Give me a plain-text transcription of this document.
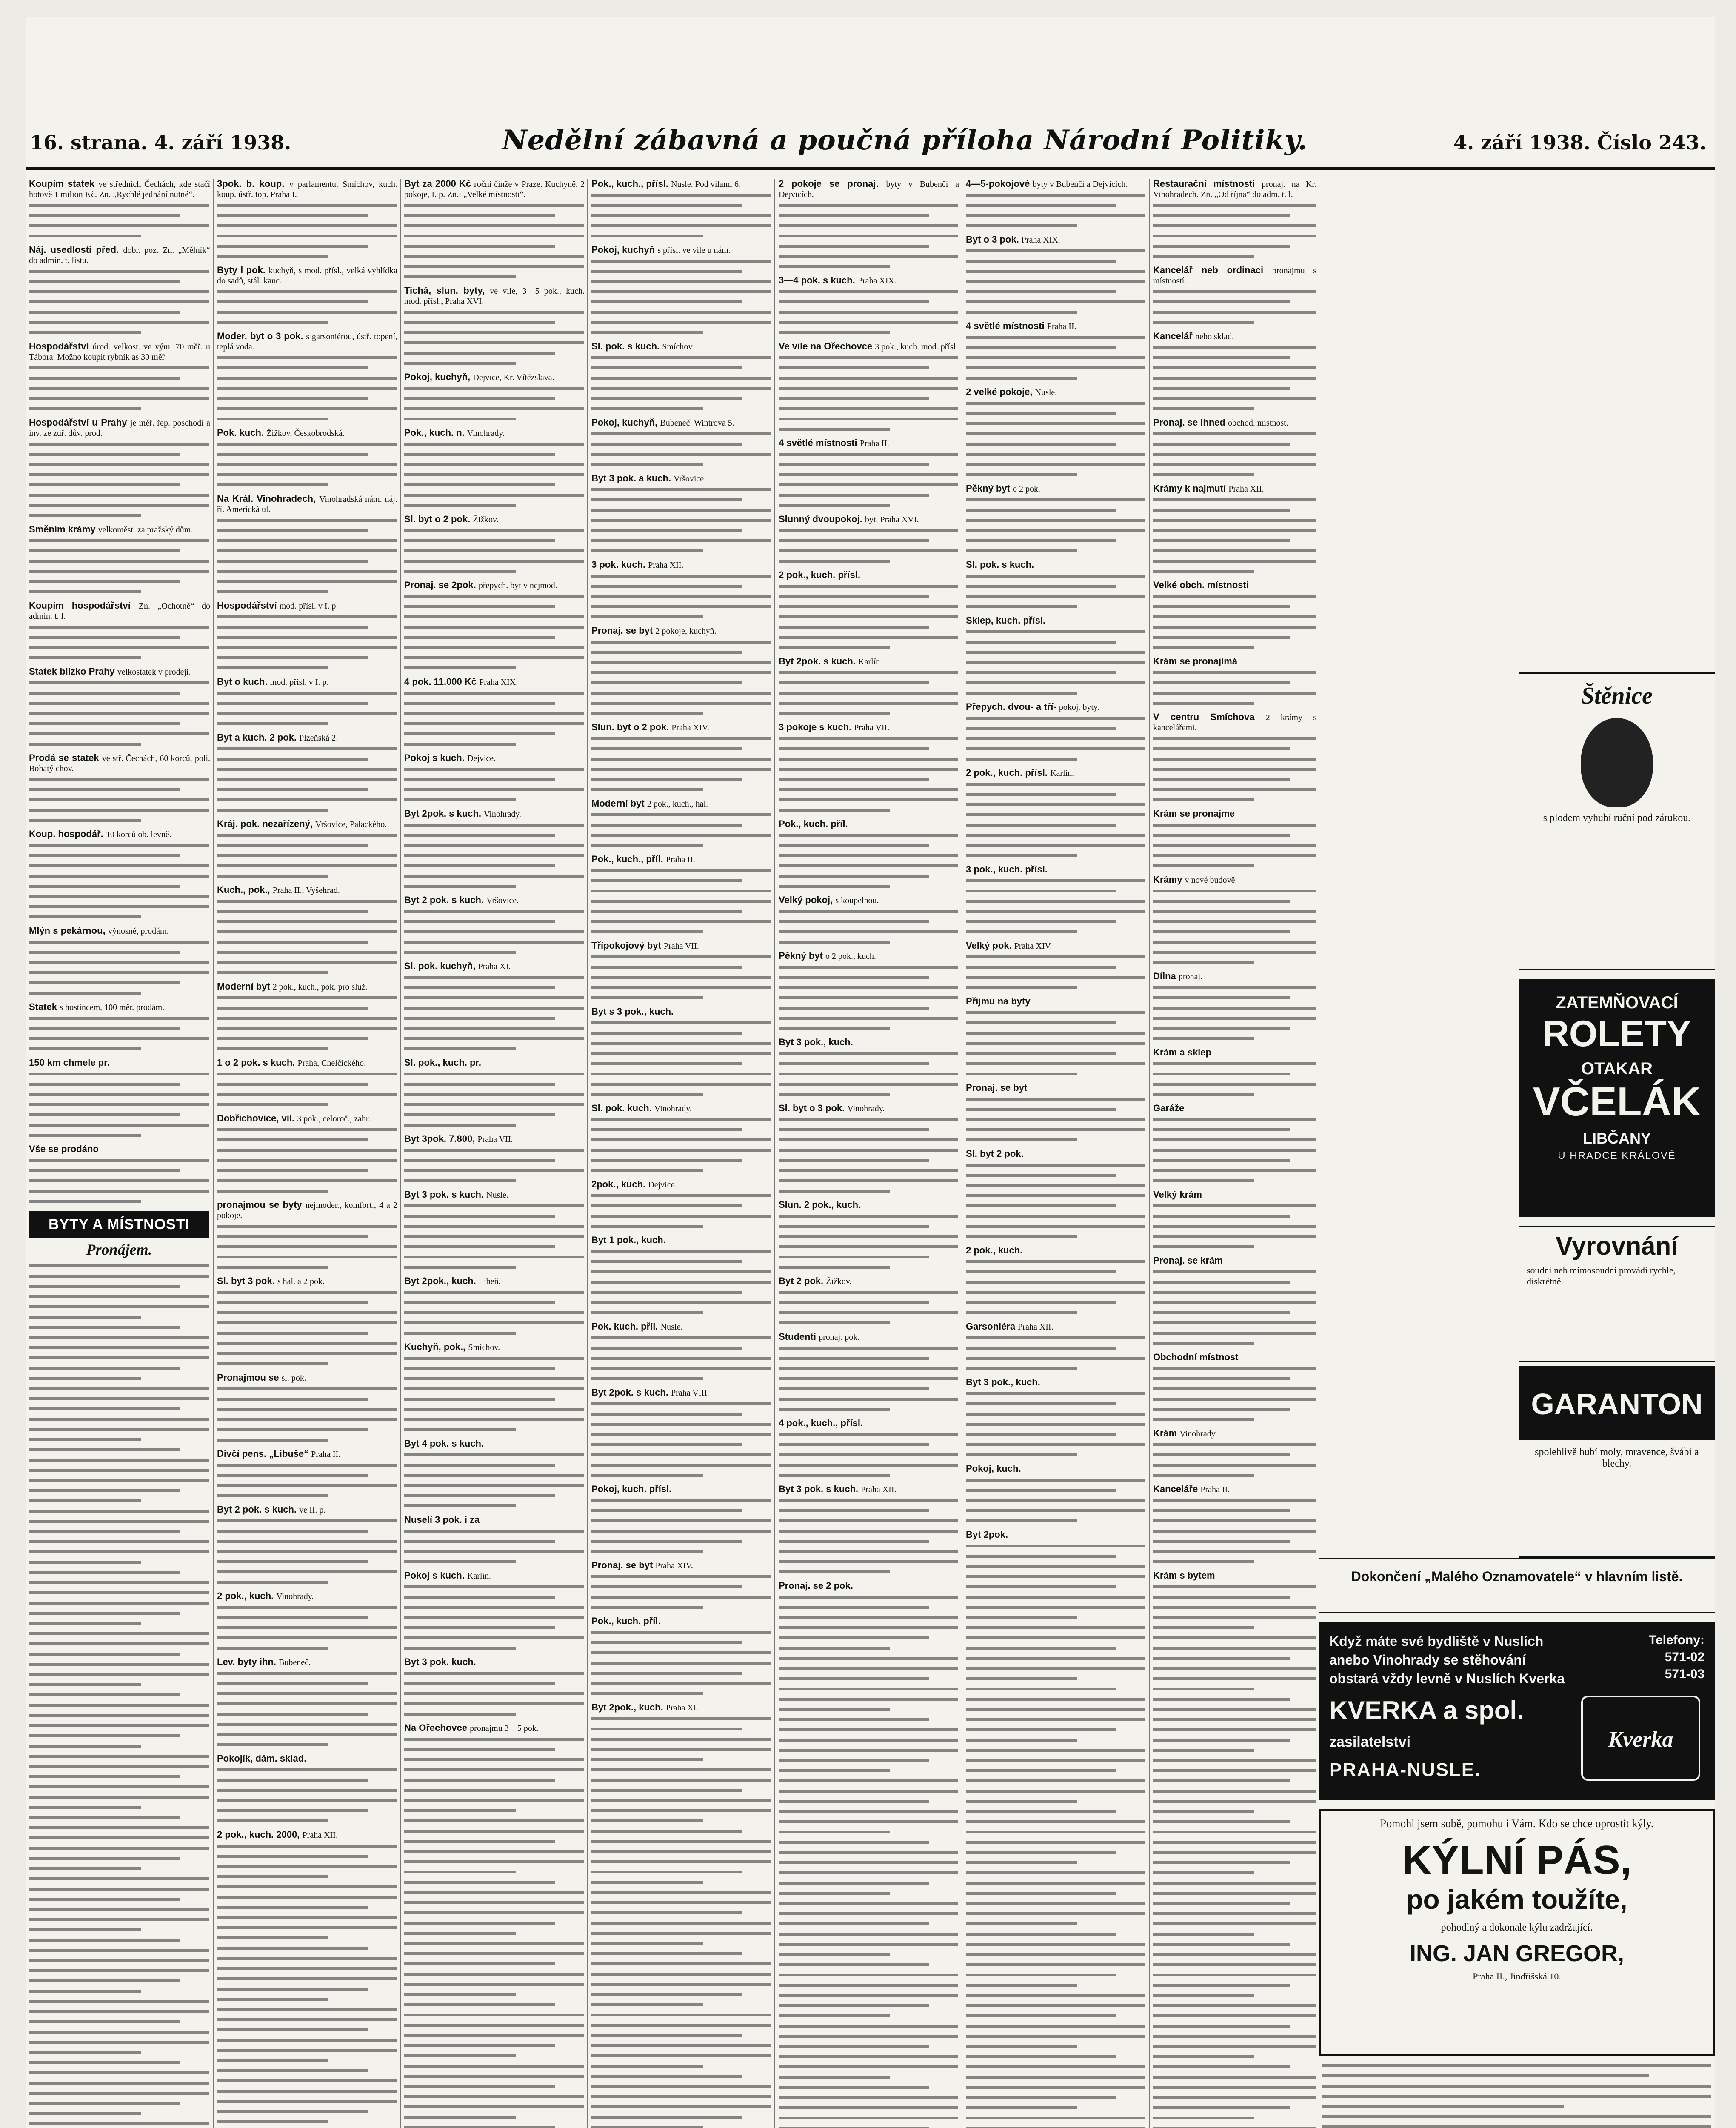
16. strana. 4. září 1938.	Nedělní zábavná a poučná příloha Národní Politiky.	4. září 1938. Číslo 243.
Koupím statek ve středních Čechách, kde stačí hotově 1 milion Kč. Zn. „Rychlé jednání nutné“.
Náj. usedlosti před. dobr. poz. Zn. „Mělník“ do admin. t. listu.
Hospodářství úrod. velkost. ve vým. 70 měř. u Tábora. Možno koupit rybník as 30 měř.
Hospodářství u Prahy je měř. řep. poschodí a inv. ze zuř. dův. prod.
Směním krámy velkoměst. za pražský dům.
Koupím hospodářství Zn. „Ochotně“ do admin. t. l.
Statek blízko Prahy velkostatek v prodeji.
Prodá se statek ve stř. Čechách, 60 korců, poli. Bohatý chov.
Koup. hospodář. 10 korců ob. levně.
Mlýn s pekárnou, výnosné, prodám.
Statek s hostincem, 100 měr. prodám.
150 km chmele pr.
Vše se prodáno
BYTY A MÍSTNOSTI
Pronájem.
3pok. b. koup. v parlamentu, Smíchov, kuch. koup. ústř. top. Praha I.
Byty l pok. kuchyň, s mod. přísl., velká vyhlídka do sadů, stál. kanc.
Moder. byt o 3 pok. s garsoniérou, ústř. topení, teplá voda.
Pok. kuch. Žižkov, Českobrodská.
Na Král. Vinohradech, Vinohradská nám. náj. ří. Americká ul.
Hospodářství mod. přísl. v I. p.
Byt o kuch. mod. přísl. v I. p.
Byt a kuch. 2 pok. Plzeňská 2.
Kráj. pok. nezařízený, Vršovice, Palackého.
Kuch., pok., Praha II., Vyšehrad.
Moderní byt 2 pok., kuch., pok. pro služ.
1 o 2 pok. s kuch. Praha, Chelčického.
Dobřichovice, vil. 3 pok., celoroč., zahr.
pronajmou se byty nejmoder., komfort., 4 a 2 pokoje.
Sl. byt 3 pok. s hal. a 2 pok.
Pronajmou se sl. pok.
Divčí pens. „Libuše“ Praha II.
Byt 2 pok. s kuch. ve II. p.
2 pok., kuch. Vinohrady.
Lev. byty ihn. Bubeneč.
Pokojík, dám. sklad.
2 pok., kuch. 2000, Praha XII.
Byt za 2000 Kč roční činže v Praze. Kuchyně, 2 pokoje, I. p. Zn.: „Velké místnosti“.
Tichá, slun. byty, ve vile, 3—5 pok., kuch. mod. přísl., Praha XVI.
Pokoj, kuchyň, Dejvice, Kr. Vítězslava.
Pok., kuch. n. Vinohrady.
Sl. byt o 2 pok. Žižkov.
Pronaj. se 2pok. přepych. byt v nejmod.
4 pok. 11.000 Kč Praha XIX.
Pokoj s kuch. Dejvice.
Byt 2pok. s kuch. Vinohrady.
Byt 2 pok. s kuch. Vršovice.
Sl. pok. kuchyň, Praha XI.
Sl. pok., kuch. pr.
Byt 3pok. 7.800, Praha VII.
Byt 3 pok. s kuch. Nusle.
Byt 2pok., kuch. Libeň.
Kuchyň, pok., Smíchov.
Byt 4 pok. s kuch.
Nuselí 3 pok. i za
Pokoj s kuch. Karlín.
Byt 3 pok. kuch.
Na Ořechovce pronajmu 3—5 pok.
Pok., kuch., přísl. Nusle. Pod vilami 6.
Pokoj, kuchyň s přísl. ve vile u nám.
Sl. pok. s kuch. Smíchov.
Pokoj, kuchyň, Bubeneč. Wintrova 5.
Byt 3 pok. a kuch. Vršovice.
3 pok. kuch. Praha XII.
Pronaj. se byt 2 pokoje, kuchyň.
Slun. byt o 2 pok. Praha XIV.
Moderní byt 2 pok., kuch., hal.
Pok., kuch., příl. Praha II.
Třípokojový byt Praha VII.
Byt s 3 pok., kuch.
Sl. pok. kuch. Vinohrady.
2pok., kuch. Dejvice.
Byt 1 pok., kuch.
Pok. kuch. příl. Nusle.
Byt 2pok. s kuch. Praha VIII.
Pokoj, kuch. přísl.
Pronaj. se byt Praha XIV.
Pok., kuch. příl.
Byt 2pok., kuch. Praha XI.
2 pokoje se pronaj. byty v Bubenči a Dejvicích.
3—4 pok. s kuch. Praha XIX.
Ve vile na Ořechovce 3 pok., kuch. mod. přísl.
4 světlé místnosti Praha II.
Slunný dvoupokoj. byt, Praha XVI.
2 pok., kuch. přísl.
Byt 2pok. s kuch. Karlín.
3 pokoje s kuch. Praha VII.
Pok., kuch. příl.
Velký pokoj, s koupelnou.
Pěkný byt o 2 pok., kuch.
Byt 3 pok., kuch.
Sl. byt o 3 pok. Vinohrady.
Slun. 2 pok., kuch.
Byt 2 pok. Žižkov.
Studenti pronaj. pok.
4 pok., kuch., přísl.
Byt 3 pok. s kuch. Praha XII.
Pronaj. se 2 pok.
4—5-pokojové byty v Bubenči a Dejvicích.
Byt o 3 pok. Praha XIX.
4 světlé místnosti Praha II.
2 velké pokoje, Nusle.
Pěkný byt o 2 pok.
Sl. pok. s kuch.
Sklep, kuch. přísl.
Přepych. dvou- a tří- pokoj. byty.
2 pok., kuch. přísl. Karlín.
3 pok., kuch. přísl.
Velký pok. Praha XIV.
Přijmu na byty
Pronaj. se byt
Sl. byt 2 pok.
2 pok., kuch.
Garsoniéra Praha XII.
Byt 3 pok., kuch.
Pokoj, kuch.
Byt 2pok.
Restaurační místnosti pronaj. na Kr. Vinohradech. Zn. „Od října“ do adm. t. l.
Kancelář neb ordinaci pronajmu s místností.
Kancelář nebo sklad.
Pronaj. se ihned obchod. místnost.
Krámy k najmutí Praha XII.
Velké obch. místnosti
Krám se pronajímá
V centru Smíchova 2 krámy s kancelářemi.
Krám se pronajme
Krámy v nové budově.
Dílna pronaj.
Krám a sklep
Garáže
Velký krám
Pronaj. se krám
Obchodní místnost
Krám Vinohrady.
Kanceláře Praha II.
Krám s bytem
Štěnice
s plodem vyhubí ruční pod zárukou.
ZATEMŇOVACÍ
ROLETY
OTAKAR
VČELÁK
LIBČANY
U HRADCE KRÁLOVÉ
Vyrovnání
soudní neb mimosoudní provádí rychle, diskrétně.
GARANTON
spolehlivě hubí moly, mravence, švábi a blechy.
Dokončení „Malého Oznamovatele“ v hlavním listě.
Když máte své bydliště v Nuslích anebo Vinohrady se stěhování obstará vždy levně v Nuslích Kverka
Telefony:
571-02
571-03
KVERKA a spol.
zasilatelství
PRAHA-NUSLE.
Kverka
Pomohl jsem sobě, pomohu i Vám. Kdo se chce oprostit kýly.
KÝLNÍ PÁS,
po jakém toužíte,
pohodlný a dokonale kýlu zadržující.
ING. JAN GREGOR,
Praha II., Jindřišská 10.
